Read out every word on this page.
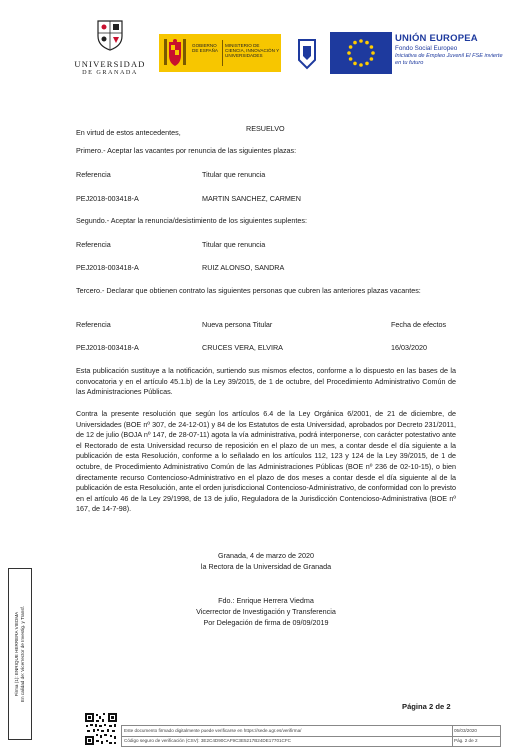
UNIVERSIDAD
DE GRANADA
GOBIERNO DE ESPAÑA
MINISTERIO DE CIENCIA, INNOVACIÓN Y UNIVERSIDADES
UNIÓN EUROPEA
Fondo Social Europeo
Iniciativa de Empleo Juvenil El FSE invierte en tu futuro
En virtud de estos antecedentes,	RESUELVO
Primero.- Aceptar las vacantes por renuncia de las siguientes plazas:
Referencia	Titular que renuncia
PEJ2018-003418-A	MARTIN SANCHEZ, CARMEN
Segundo.- Aceptar la renuncia/desistimiento de los siguientes suplentes:
Referencia	Titular que renuncia
PEJ2018-003418-A	RUIZ ALONSO, SANDRA
Tercero.- Declarar que obtienen contrato las siguientes personas que cubren las anteriores plazas vacantes:
Referencia	Nueva persona Titular	Fecha de efectos
PEJ2018-003418-A	CRUCES VERA, ELVIRA	16/03/2020
Esta publicación sustituye a la notificación, surtiendo sus mismos efectos, conforme a lo dispuesto en las bases de la convocatoria y en el artículo 45.1.b) de la Ley 39/2015, de 1 de octubre, del Procedimiento Administrativo Común de las Administraciones Públicas.
Contra la presente resolución que según los artículos 6.4 de la Ley Orgánica 6/2001, de 21 de diciembre, de Universidades (BOE nº 307, de 24-12-01) y 84 de los Estatutos de esta Universidad, aprobados por Decreto 231/2011, de 12 de julio (BOJA nº 147, de 28-07-11) agota la vía administrativa, podrá interponerse, con carácter potestativo ante el Rectorado de esta Universidad recurso de reposición en el plazo de un mes, a contar desde el día siguiente a la publicación de esta Resolución, conforme a lo señalado en los artículos 112, 123 y 124 de la Ley 39/2015, de 1 de octubre, de Procedimiento Administrativo Común de las Administraciones Públicas (BOE nº 236 de 02-10-15), o bien directamente recurso Contencioso-Administrativo en el plazo de dos meses a contar desde el día siguiente al de la publicación de esta Resolución, ante el orden jurisdiccional Contencioso-Administrativo, de conformidad con lo previsto en el artículo 46 de la Ley 29/1998, de 13 de julio, Reguladora de la Jurisdicción Contencioso-Administrativa (BOE nº 167, de 14-7-98).
Granada, 4 de marzo de 2020
la Rectora de la Universidad de Granada
Fdo.: Enrique Herrera Viedma
Vicerrector de Investigación y Transferencia
Por Delegación de firma de 09/09/2019
Firma (1): ENRIQUE HERRERA VIEDMA En calidad de: Vicerrector de Investig. y Transf.
Página 2 de 2
Este documento firmado digitalmente puede verificarse en https://sede.ugr.es/verifirma/	05/03/2020
Código seguro de verificación (CSV): 3E2C4D90CAF9C3E5217B24DE17701CFC	Pág. 2 de 2
